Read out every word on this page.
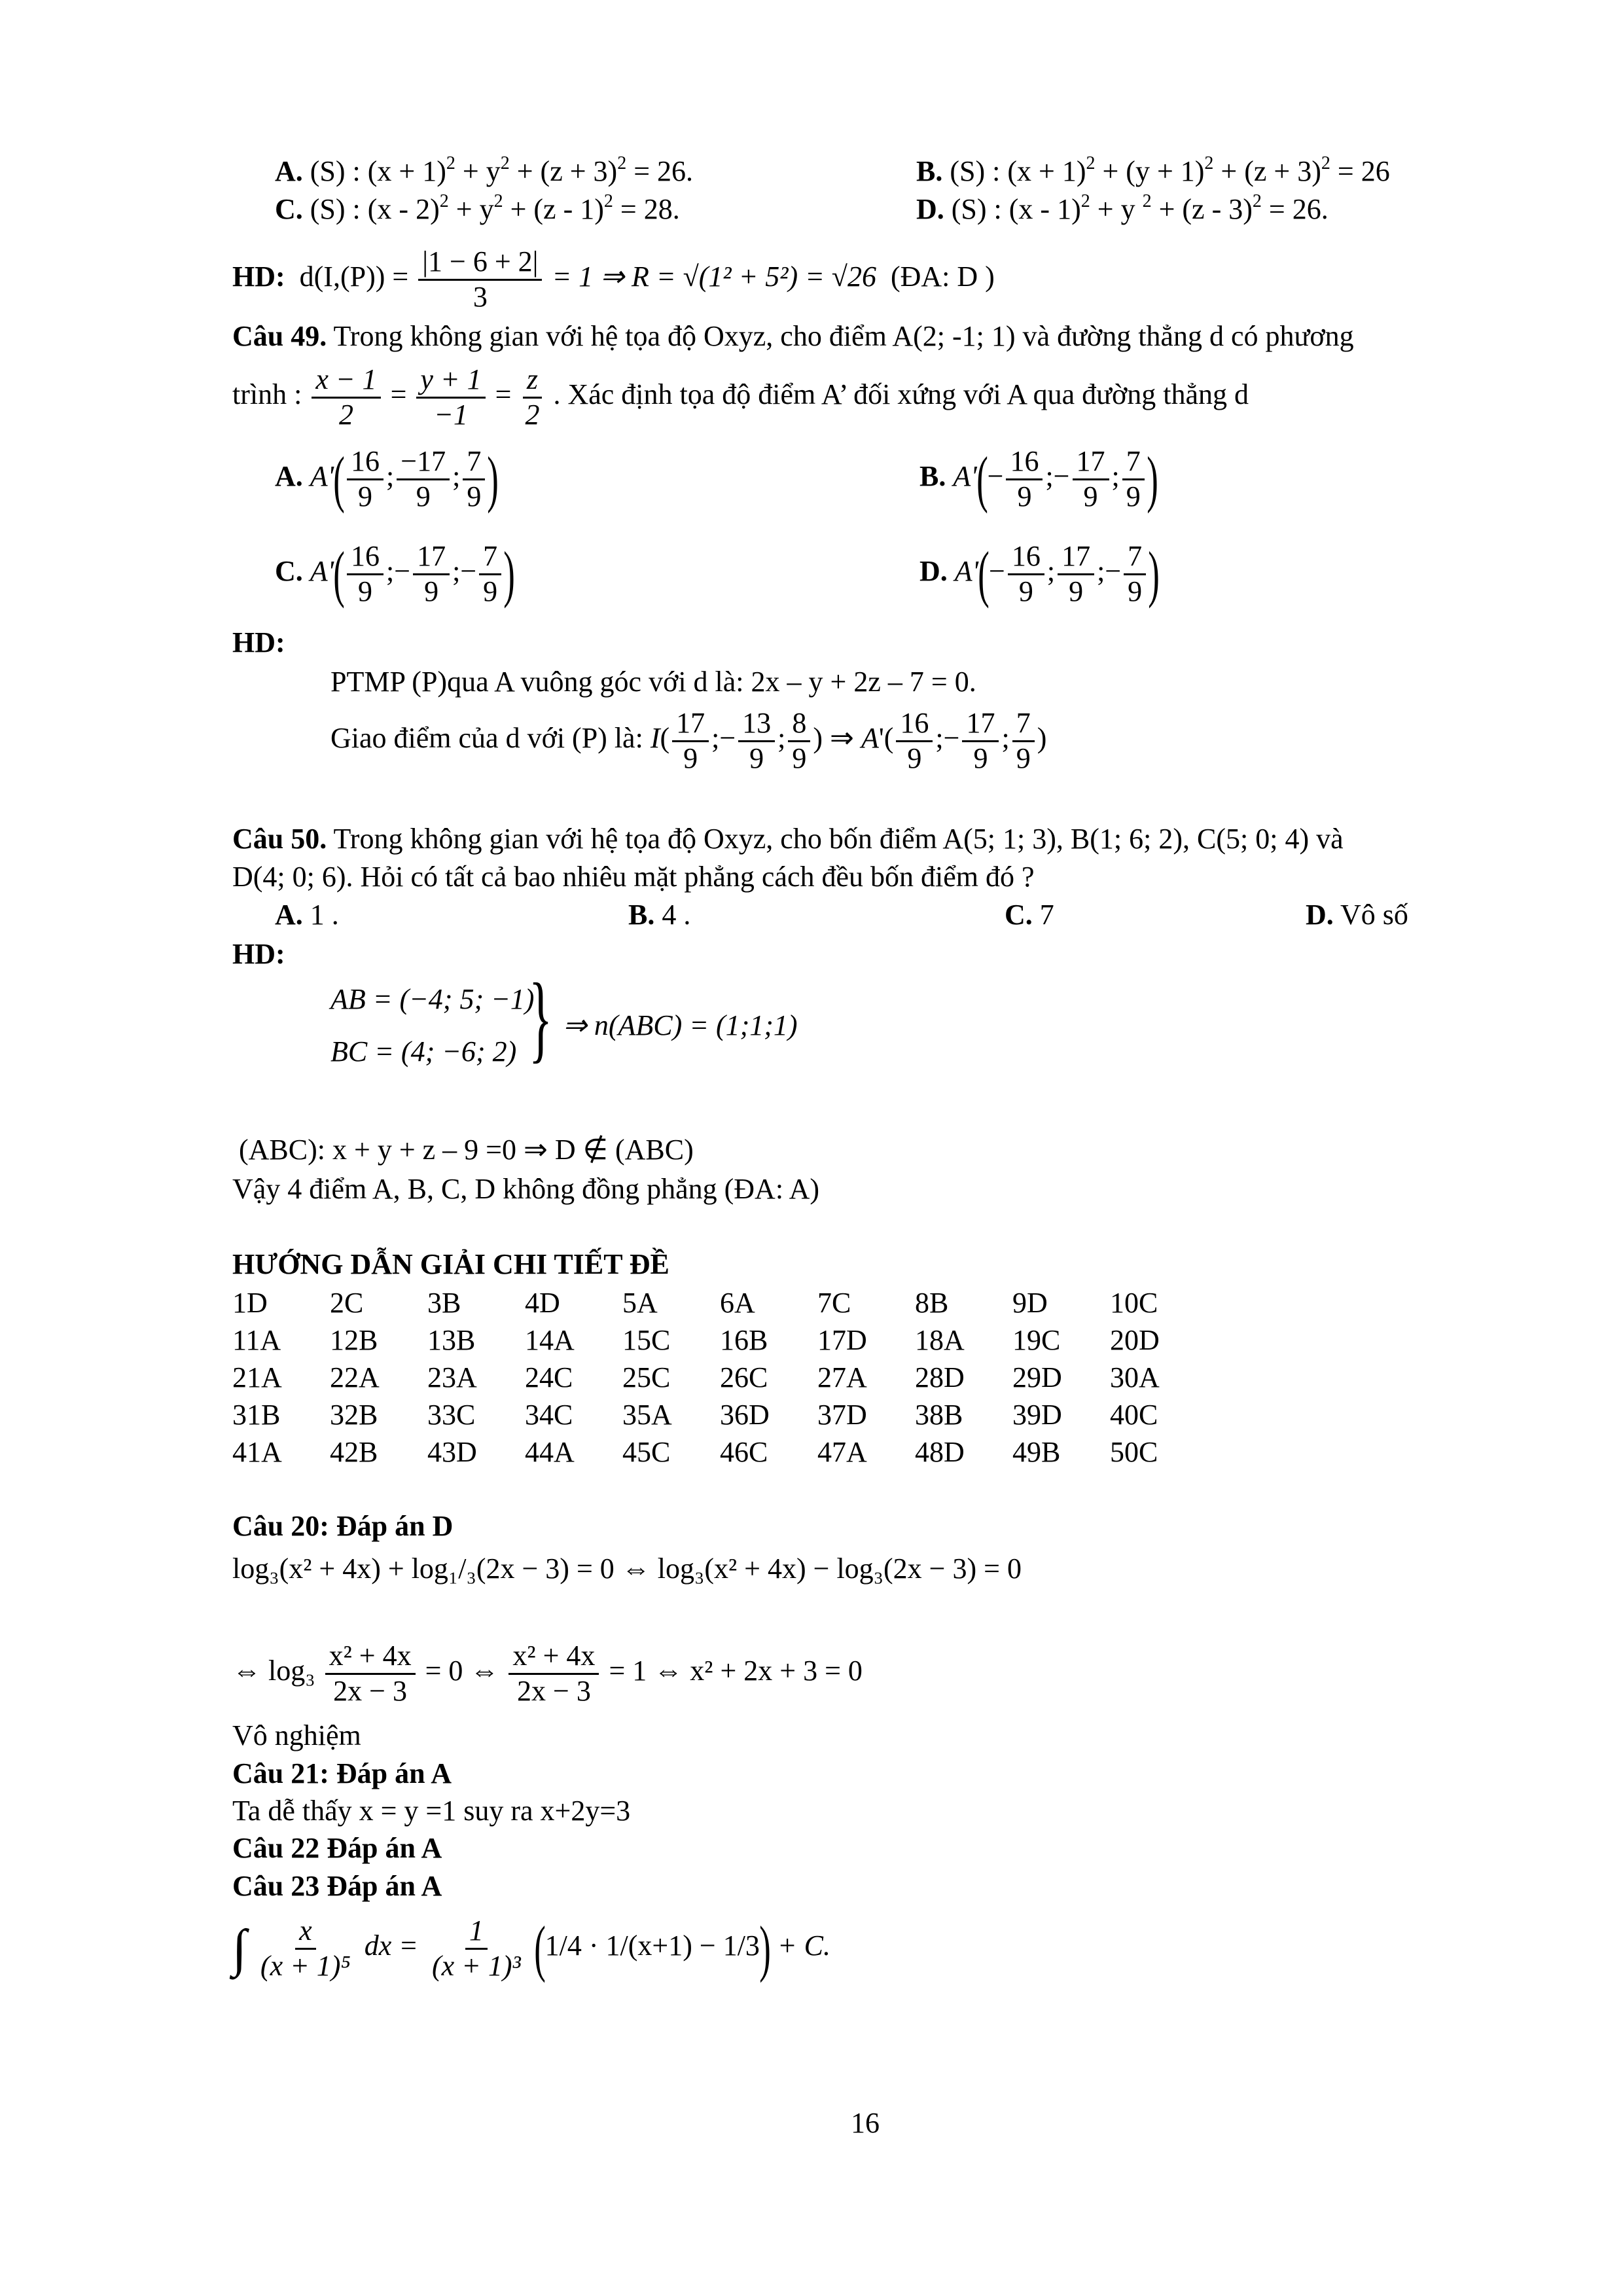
A. (S) : $(x + 1)^2 + y^2 + (z + 3)^2 = 26$.	B. (S) : $(x + 1)^2 + (y + 1)^2 + (z + 3)^2 = 26$
C. (S) : $(x - 2)^2 + y^2 + (z - 1)^2 = 28$.	D. (S) : (x - 1)$^2$ + y $^2$ + (z - 3)$^2$ = 26.
HD: $d(I,(P)) = \frac{|1 - 6 + 2|}{3} = 1$ ⇒ R = √(1² + 5²) = √26 (ĐA: D )
Câu 49. Trong không gian với hệ tọa độ Oxyz, cho điểm A(2; -1; 1) và đường thẳng d có phương
trình : $\frac{x - 1}{2} = \frac{y + 1}{-1} = \frac{z}{2}$ . Xác định tọa độ điểm A’ đối xứng với A qua đường thẳng d
A. $A'( \frac{16}{9}$ ; $\frac{-17}{9}$ ; $\frac{7}{9}$ )	B. $A'(- \frac{16}{9}$ ;− $\frac{17}{9}$ ; $\frac{7}{9}$ )
C. $A'( \frac{16}{9}$ ;− $\frac{17}{9}$ ;− $\frac{7}{9}$ )	D. $A'(- \frac{16}{9}$ ; $\frac{17}{9}$ ;− $\frac{7}{9}$ )
HD:
PTMP (P)qua A vuông góc với d là: 2x – y + 2z – 7 = 0.
Giao điểm của d với (P) là: $I( \frac{17}{9}$ ;− $\frac{13}{9}$ ; $\frac{8}{9}$ ) ⇒ $A'( \frac{16}{9}$ ;− $\frac{17}{9}$ ; $\frac{7}{9}$ )
Câu 50. Trong không gian với hệ tọa độ Oxyz, cho bốn điểm A(5; 1; 3), B(1; 6; 2), C(5; 0; 4) và
D(4; 0; 6). Hỏi có tất cả bao nhiêu mặt phẳng cách đều bốn điểm đó ?
A. 1 .	B. 4 .	C. 7	D. Vô số
HD:
AB = (−4; 5; −1)
BC = (4; −6; 2) } ⇒ n(ABC) = (1;1;1)
(ABC): x + y + z – 9 =0 ⇒ D ∉ (ABC)
Vậy 4 điểm A, B, C, D không đồng phẳng (ĐA: A)
HƯỚNG DẪN GIẢI CHI TIẾT ĐỀ
1D	2C	3B	4D	5A	6A	7C	8B	9D	10C
11A	12B	13B	14A	15C	16B	17D	18A	19C	20D
21A	22A	23A	24C	25C	26C	27A	28D	29D	30A
31B	32B	33C	34C	35A	36D	37D	38B	39D	40C
41A	42B	43D	44A	45C	46C	47A	48D	49B	50C
Câu 20: Đáp án D
log₃(x² + 4x) + log₁/₃(2x − 3) = 0 ⇔ log₃(x² + 4x) − log₃(2x − 3) = 0
⇔ $\log_3 \frac{\text{x² + 4x}}{2x - 3} = 0$ ⇔ $\frac{\text{x² + 4x}}{2x - 3} = 1$ ⇔ x² + 2x + 3 = 0
Vô nghiệm
Câu 21: Đáp án A
Ta dễ thấy x = y =1 suy ra x+2y=3
Câu 22 Đáp án A
Câu 23 Đáp án A
∫ $\frac{x}{\text{(x + 1)⁵}}$ dx = $\frac{1}{\text{(x + 1)³}} (1/4 \cdot 1/(x+1) - 1/3) + C$.
16
